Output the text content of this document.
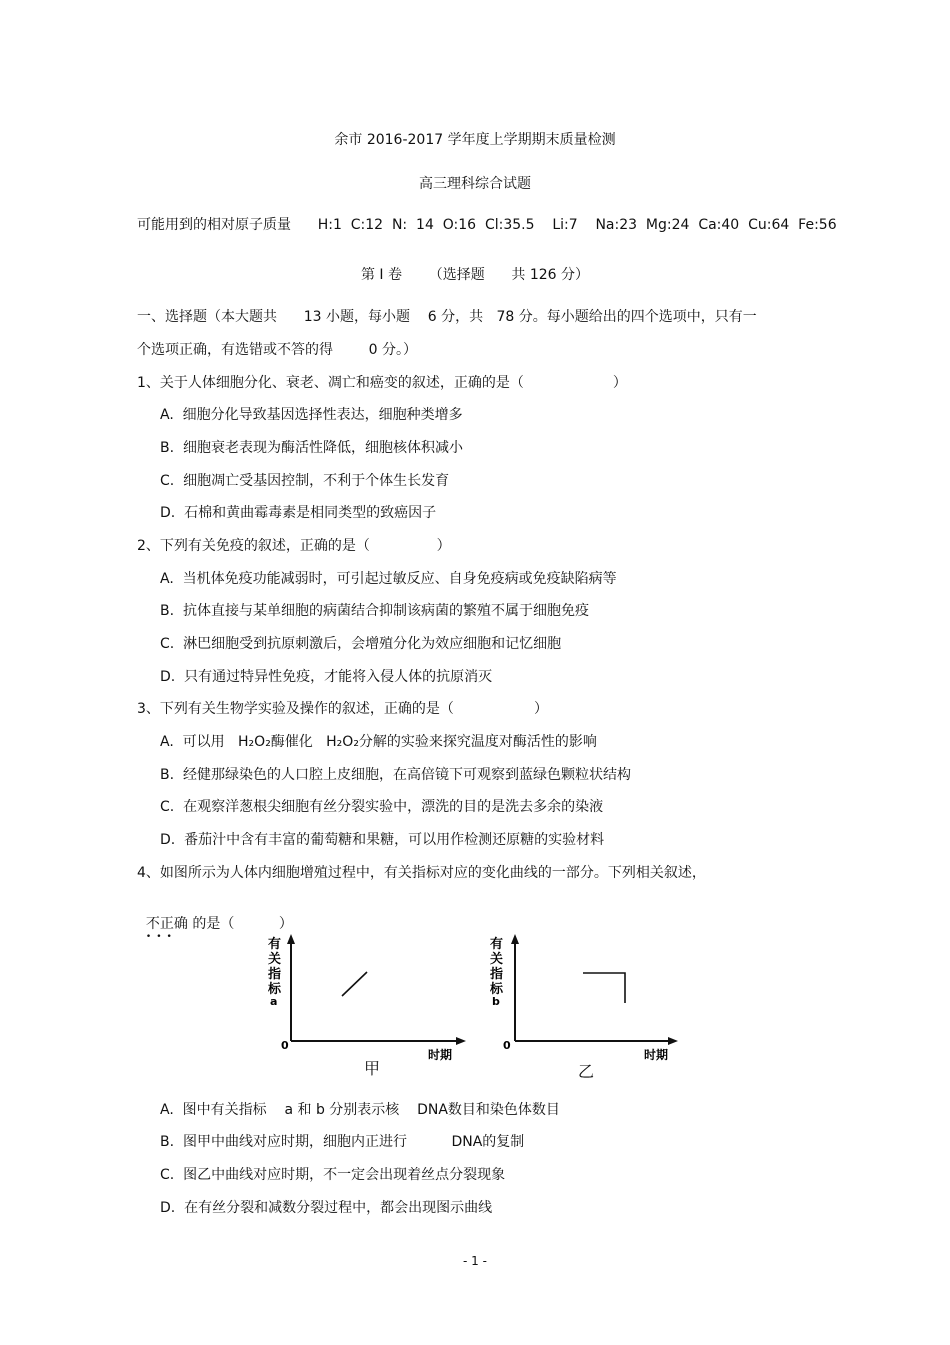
余市 2016-2017 学年度上学期期末质量检测
高三理科综合试题
可能用到的相对原子质量      H:1  C:12  N:  14  O:16  Cl:35.5    Li:7    Na:23  Mg:24  Ca:40  Cu:64  Fe:56
第 I 卷      （选择题      共 126 分）
一、选择题（本大题共      13 小题，每小题    6 分，共   78 分。每小题给出的四个选项中，只有一
个选项正确，有选错或不答的得        0 分。）
1、关于人体细胞分化、衰老、凋亡和癌变的叙述，正确的是（                    ）
A.  细胞分化导致基因选择性表达，细胞种类增多
B.  细胞衰老表现为酶活性降低，细胞核体积减小
C.  细胞凋亡受基因控制，不利于个体生长发育
D.  石棉和黄曲霉毒素是相同类型的致癌因子
2、下列有关免疫的叙述，正确的是（               ）
A.  当机体免疫功能减弱时，可引起过敏反应、自身免疫病或免疫缺陷病等
B.  抗体直接与某单细胞的病菌结合抑制该病菌的繁殖不属于细胞免疫
C.  淋巴细胞受到抗原刺激后，会增殖分化为效应细胞和记忆细胞
D.  只有通过特异性免疫，才能将入侵人体的抗原消灭
3、下列有关生物学实验及操作的叙述，正确的是（                  ）
A.  可以用   H₂O₂酶催化   H₂O₂分解的实验来探究温度对酶活性的影响
B.  经健那绿染色的人口腔上皮细胞，在高倍镜下可观察到蓝绿色颗粒状结构
C.  在观察洋葱根尖细胞有丝分裂实验中，漂洗的目的是洗去多余的染液
D.  番茄汁中含有丰富的葡萄糖和果糖，可以用作检测还原糖的实验材料
4、如图所示为人体内细胞增殖过程中，有关指标对应的变化曲线的一部分。下列相关叙述，

不正确
•••
的是（          ）

有
关
指
标
a
0
时期
有
关
指
标
b
0
时期
甲	乙
A.  图中有关指标    a 和 b 分别表示核    DNA数目和染色体数目
B.  图甲中曲线对应时期，细胞内正进行          DNA的复制
C.  图乙中曲线对应时期，不一定会出现着丝点分裂现象
D.  在有丝分裂和减数分裂过程中，都会出现图示曲线
- 1 -
